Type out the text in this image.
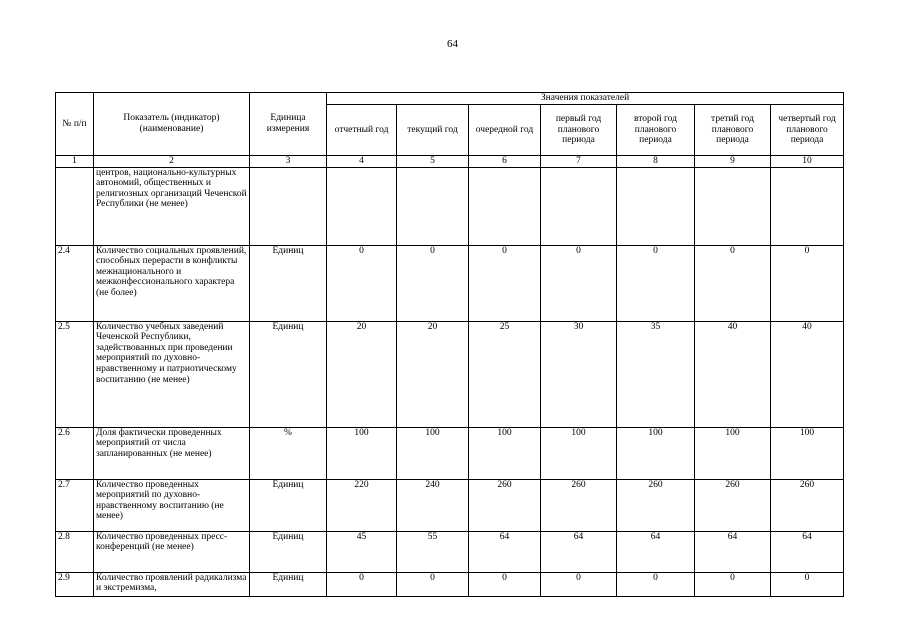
64
№ п/п	Показатель (индикатор) (наименование)	Единица измерения	Значения показателей						
			отчетный год	текущий год	очередной год	первый год планового периода	второй год планового периода	третий год планового периода	четвертый год планового периода
1	2	3	4	5	6	7	8	9	10
	центров, национально-культурных автономий, общественных и религиозных организаций Чеченской Республики (не менее)								
2.4	Количество социальных проявлений, способных перерасти в конфликты межнационального и межконфессионального характера (не более)	Единиц	0	0	0	0	0	0	0
2.5	Количество учебных заведений Чеченской Республики, задействованных при проведении мероприятий по духовно-нравственному и патриотическому воспитанию (не менее)	Единиц	20	20	25	30	35	40	40
2.6	Доля фактически проведенных мероприятий от числа запланированных (не менее)	%	100	100	100	100	100	100	100
2.7	Количество проведенных мероприятий по духовно-нравственному воспитанию (не менее)	Единиц	220	240	260	260	260	260	260
2.8	Количество проведенных пресс-конференций (не менее)	Единиц	45	55	64	64	64	64	64
2.9	Количество проявлений радикализма и экстремизма,	Единиц	0	0	0	0	0	0	0
